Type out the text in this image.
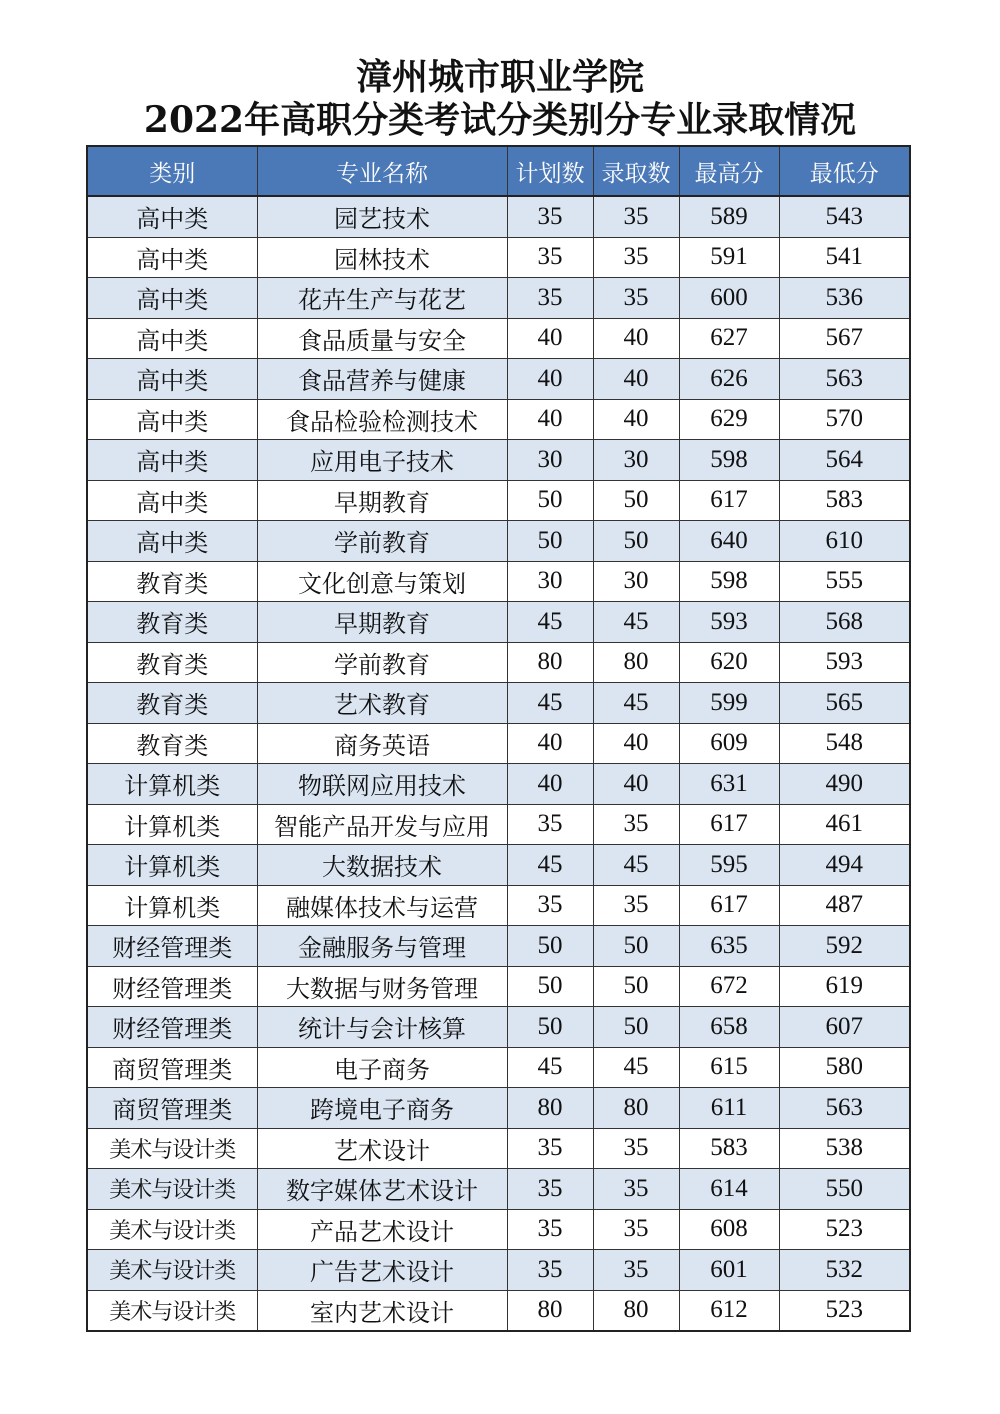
漳州城市职业学院
2022年高职分类考试分类别分专业录取情况
类别	专业名称	计划数	录取数	最高分	最低分
高中类	园艺技术	35	35	589	543
高中类	园林技术	35	35	591	541
高中类	花卉生产与花艺	35	35	600	536
高中类	食品质量与安全	40	40	627	567
高中类	食品营养与健康	40	40	626	563
高中类	食品检验检测技术	40	40	629	570
高中类	应用电子技术	30	30	598	564
高中类	早期教育	50	50	617	583
高中类	学前教育	50	50	640	610
教育类	文化创意与策划	30	30	598	555
教育类	早期教育	45	45	593	568
教育类	学前教育	80	80	620	593
教育类	艺术教育	45	45	599	565
教育类	商务英语	40	40	609	548
计算机类	物联网应用技术	40	40	631	490
计算机类	智能产品开发与应用	35	35	617	461
计算机类	大数据技术	45	45	595	494
计算机类	融媒体技术与运营	35	35	617	487
财经管理类	金融服务与管理	50	50	635	592
财经管理类	大数据与财务管理	50	50	672	619
财经管理类	统计与会计核算	50	50	658	607
商贸管理类	电子商务	45	45	615	580
商贸管理类	跨境电子商务	80	80	611	563
美术与设计类	艺术设计	35	35	583	538
美术与设计类	数字媒体艺术设计	35	35	614	550
美术与设计类	产品艺术设计	35	35	608	523
美术与设计类	广告艺术设计	35	35	601	532
美术与设计类	室内艺术设计	80	80	612	523
